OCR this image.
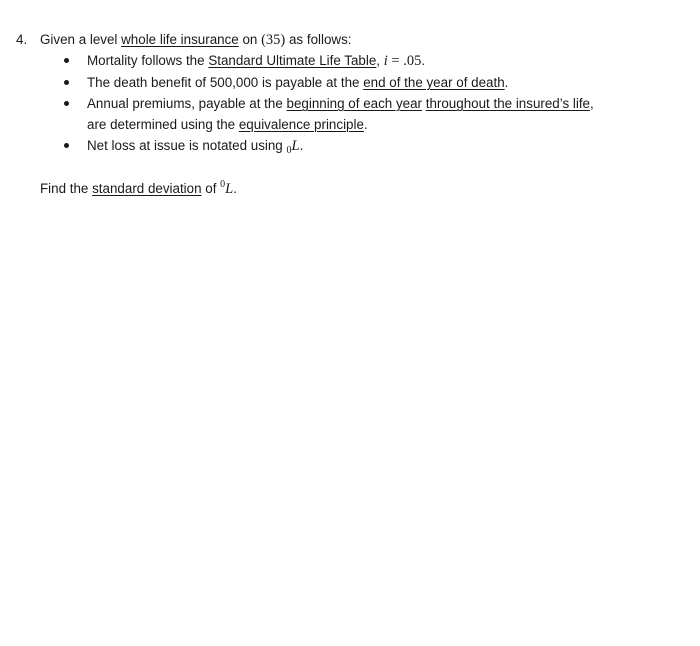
4. Given a level whole life insurance on (35) as follows:
Mortality follows the Standard Ultimate Life Table, i = .05.
The death benefit of 500,000 is payable at the end of the year of death.
Annual premiums, payable at the beginning of each year throughout the insured’s life,
are determined using the equivalence principle.
Net loss at issue is notated using $_0$L.
Find the standard deviation of $^0$L.
